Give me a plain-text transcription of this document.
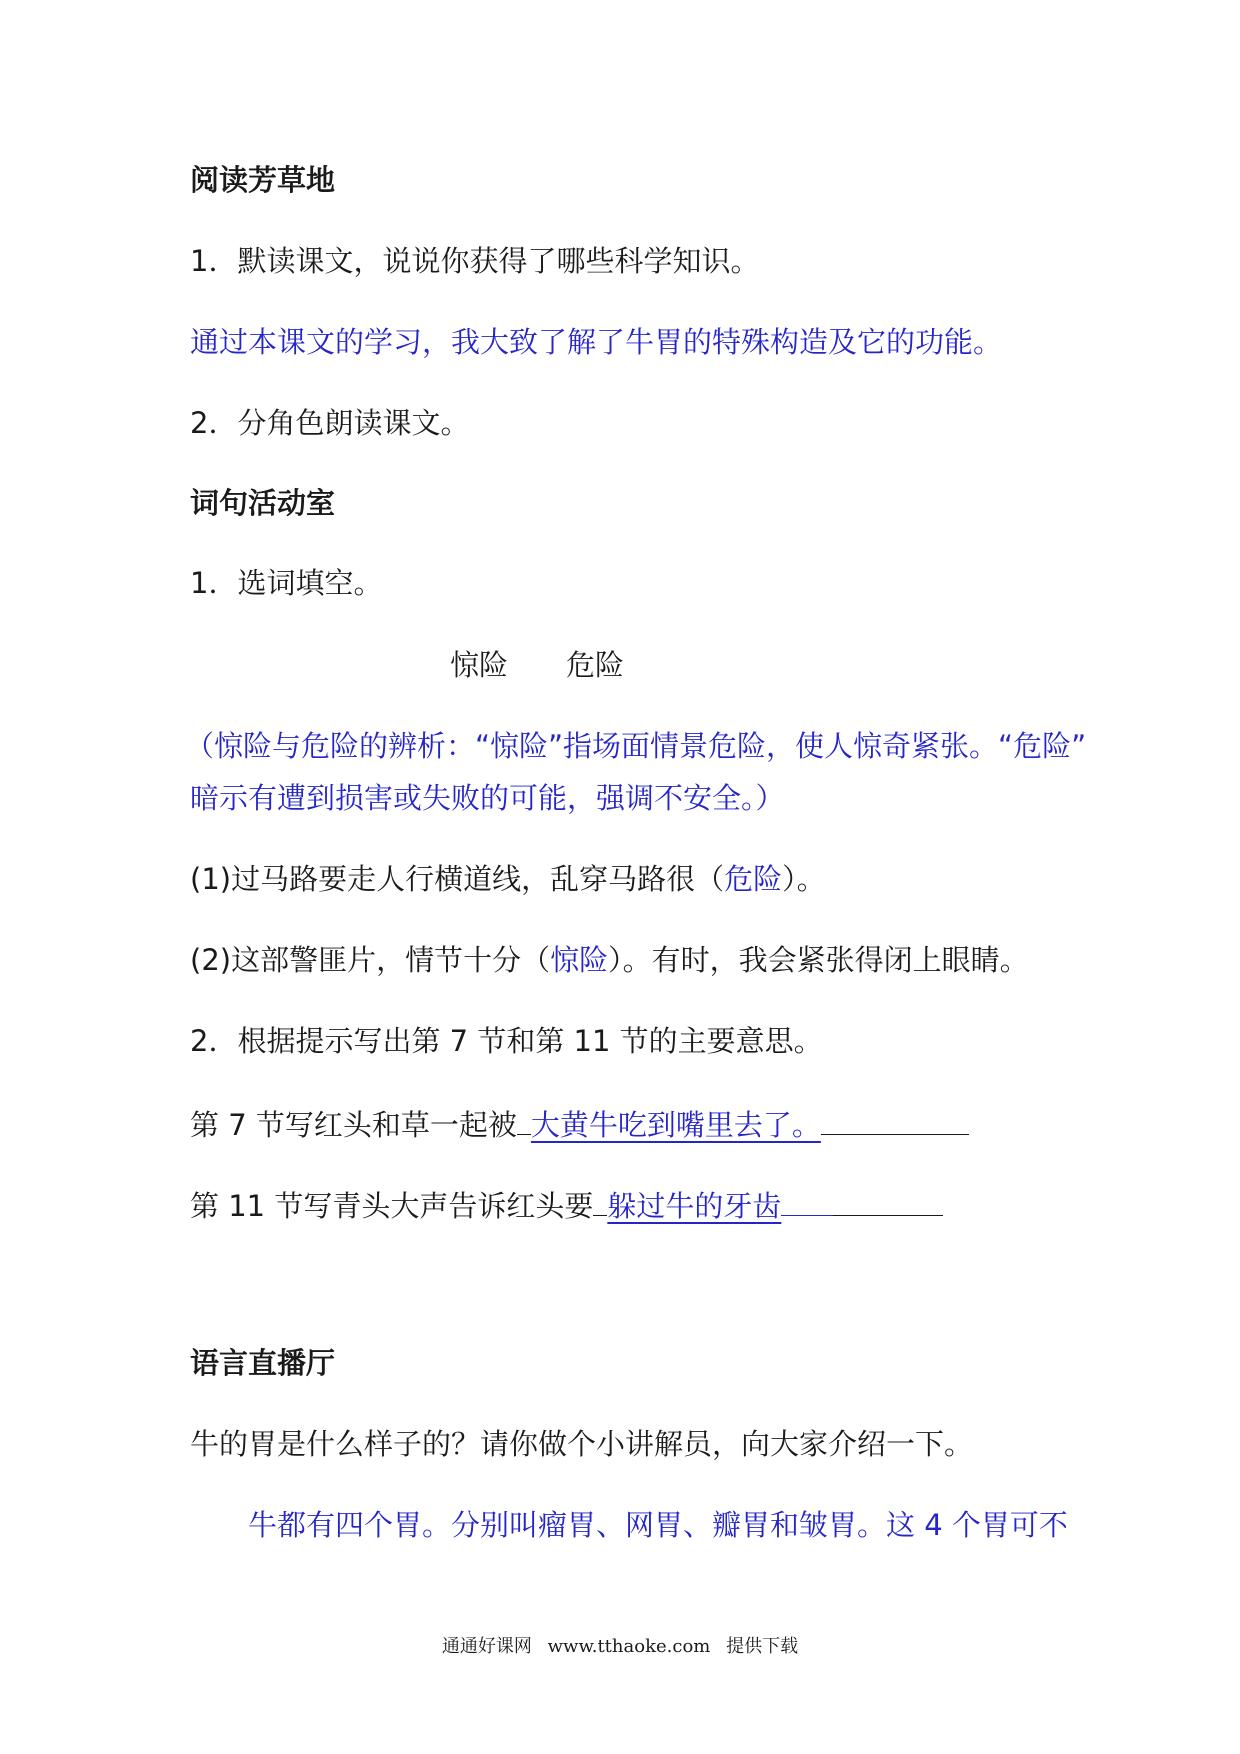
阅读芳草地
1．默读课文，说说你获得了哪些科学知识。
通过本课文的学习，我大致了解了牛胃的特殊构造及它的功能。
2．分角色朗读课文。
词句活动室
1．选词填空。
惊险 危险
（惊险与危险的辨析：“惊险”指场面情景危险，使人惊奇紧张。“危险”
暗示有遭到损害或失败的可能，强调不安全。）
(1)过马路要走人行横道线，乱穿马路很（危险）。
(2)这部警匪片，情节十分（惊险）。有时，我会紧张得闭上眼睛。
2．根据提示写出第 7 节和第 11 节的主要意思。
第 7 节写红头和草一起被 大黄牛吃到嘴里去了。
第 11 节写青头大声告诉红头要 躲过牛的牙齿
语言直播厅
牛的胃是什么样子的？请你做个小讲解员，向大家介绍一下。
牛都有四个胃。分别叫瘤胃、网胃、瓣胃和皱胃。这 4 个胃可不
通通好课网 www.tthaoke.com 提供下载
